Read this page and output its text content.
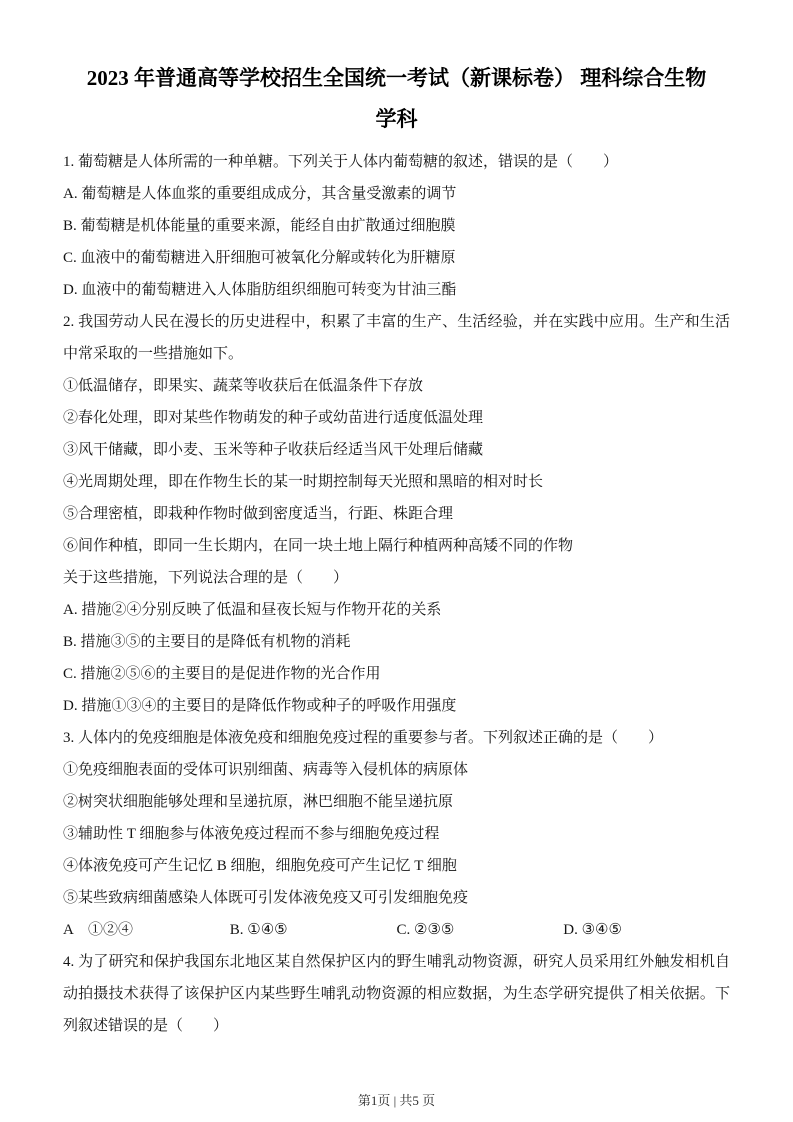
2023 年普通高等学校招生全国统一考试（新课标卷） 理科综合生物
学科

1. 葡萄糖是人体所需的一种单糖。下列关于人体内葡萄糖的叙述，错误的是（　　）

A. 葡萄糖是人体血浆的重要组成成分，其含量受激素的调节

B. 葡萄糖是机体能量的重要来源，能经自由扩散通过细胞膜

C. 血液中的葡萄糖进入肝细胞可被氧化分解或转化为肝糖原

D. 血液中的葡萄糖进入人体脂肪组织细胞可转变为甘油三酯

2. 我国劳动人民在漫长的历史进程中，积累了丰富的生产、生活经验，并在实践中应用。生产和生活中常采取的一些措施如下。

①低温储存，即果实、蔬菜等收获后在低温条件下存放

②春化处理，即对某些作物萌发的种子或幼苗进行适度低温处理

③风干储藏，即小麦、玉米等种子收获后经适当风干处理后储藏

④光周期处理，即在作物生长的某一时期控制每天光照和黑暗的相对时长

⑤合理密植，即栽种作物时做到密度适当，行距、株距合理

⑥间作种植，即同一生长期内，在同一块土地上隔行种植两种高矮不同的作物

关于这些措施，下列说法合理的是（　　）

A. 措施②④分别反映了低温和昼夜长短与作物开花的关系

B. 措施③⑤的主要目的是降低有机物的消耗

C. 措施②⑤⑥的主要目的是促进作物的光合作用

D. 措施①③④的主要目的是降低作物或种子的呼吸作用强度

3. 人体内的免疫细胞是体液免疫和细胞免疫过程的重要参与者。下列叙述正确的是（　　）

①免疫细胞表面的受体可识别细菌、病毒等入侵机体的病原体

②树突状细胞能够处理和呈递抗原，淋巴细胞不能呈递抗原

③辅助性 T 细胞参与体液免疫过程而不参与细胞免疫过程

④体液免疫可产生记忆 B 细胞，细胞免疫可产生记忆 T 细胞

⑤某些致病细菌感染人体既可引发体液免疫又可引发细胞免疫

A　①②④	B. ①④⑤	C. ②③⑤	D. ③④⑤

4. 为了研究和保护我国东北地区某自然保护区内的野生哺乳动物资源，研究人员采用红外触发相机自动拍摄技术获得了该保护区内某些野生哺乳动物资源的相应数据，为生态学研究提供了相关依据。下列叙述错误的是（　　）

第1页 | 共5 页
